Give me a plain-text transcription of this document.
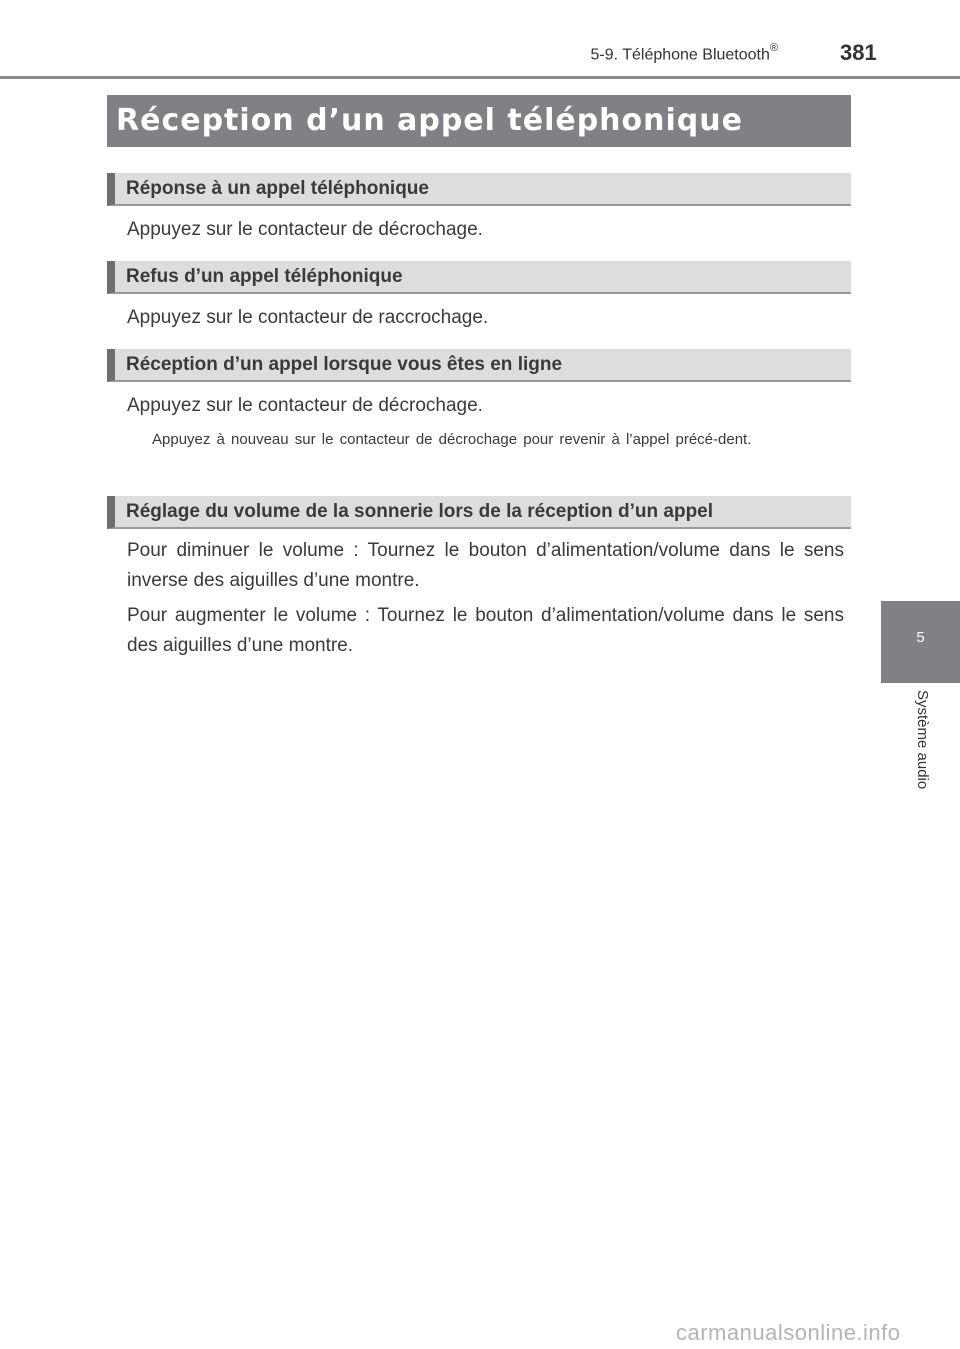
5-9. Téléphone Bluetooth®	381
Réception d’un appel téléphonique
Réponse à un appel téléphonique

Appuyez sur le contacteur de décrochage.

Refus d’un appel téléphonique

Appuyez sur le contacteur de raccrochage.

Réception d’un appel lorsque vous êtes en ligne

Appuyez sur le contacteur de décrochage.

Appuyez à nouveau sur le contacteur de décrochage pour revenir à l’appel précé-dent.

Réglage du volume de la sonnerie lors de la réception d’un appel

Pour diminuer le volume : Tournez le bouton d’alimentation/volume dans le sens inverse des aiguilles d’une montre.

Pour augmenter le volume : Tournez le bouton d’alimentation/volume dans le sens des aiguilles d’une montre.	5
Système audio
carmanualsonline.info
